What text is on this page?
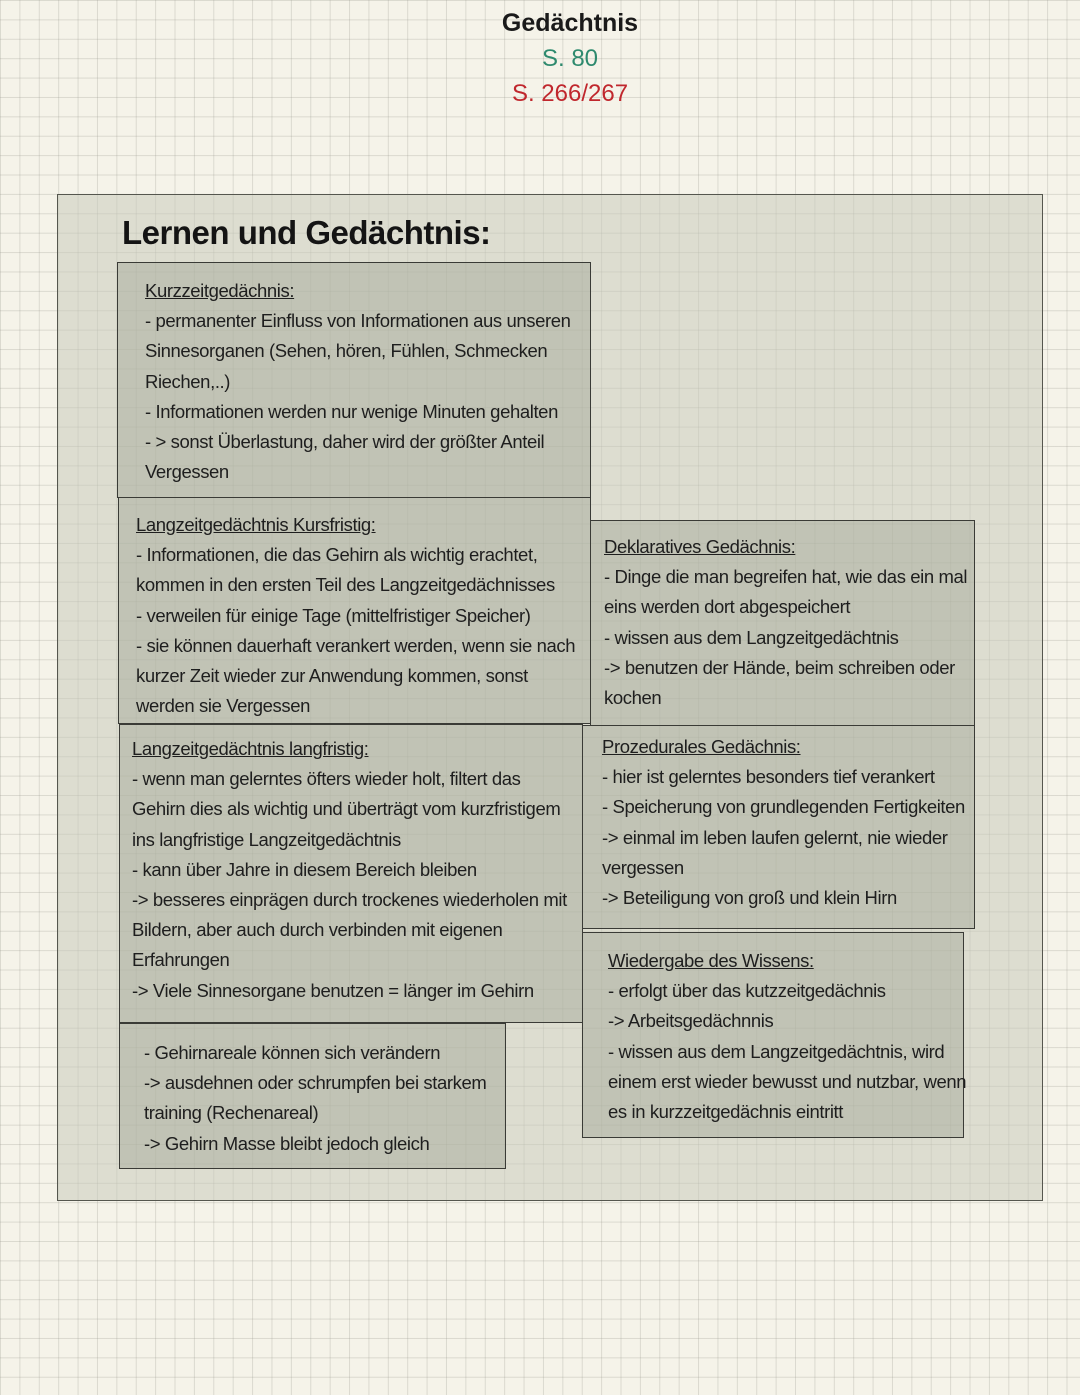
Gedächtnis
S. 80
S. 266/267
Lernen und Gedächtnis:
Kurzzeitgedächnis:
- permanenter Einfluss von Informationen aus unseren
Sinnesorganen (Sehen, hören, Fühlen, Schmecken
Riechen,..)
- Informationen werden nur wenige Minuten gehalten
- > sonst Überlastung, daher wird der größter Anteil
Vergessen
Langzeitgedächtnis Kursfristig:
- Informationen, die das Gehirn als wichtig erachtet,
kommen in den ersten Teil des Langzeitgedächnisses
- verweilen für einige Tage (mittelfristiger Speicher)
- sie können dauerhaft verankert werden, wenn sie nach
kurzer Zeit wieder zur Anwendung kommen, sonst
werden sie Vergessen
Langzeitgedächtnis langfristig:
- wenn man gelerntes öfters wieder holt, filtert das
Gehirn dies als wichtig und überträgt vom kurzfristigem
ins langfristige Langzeitgedächtnis
- kann über Jahre in diesem Bereich bleiben
-> besseres einprägen durch trockenes wiederholen mit
Bildern, aber auch durch verbinden mit eigenen
Erfahrungen
-> Viele Sinnesorgane benutzen = länger im Gehirn
- Gehirnareale können sich verändern
-> ausdehnen oder schrumpfen bei starkem
training (Rechenareal)
-> Gehirn Masse bleibt jedoch gleich
Deklaratives Gedächnis:
- Dinge die man begreifen hat, wie das ein mal
eins werden dort abgespeichert
- wissen aus dem Langzeitgedächtnis
-> benutzen der Hände, beim schreiben oder
kochen
Prozedurales Gedächnis:
- hier ist gelerntes besonders tief verankert
- Speicherung von grundlegenden Fertigkeiten
-> einmal im leben laufen gelernt, nie wieder
vergessen
-> Beteiligung von groß und klein Hirn
Wiedergabe des Wissens:
- erfolgt über das kutzzeitgedächnis
-> Arbeitsgedächnnis
- wissen aus dem Langzeitgedächtnis, wird
einem erst wieder bewusst und nutzbar, wenn
es in kurzzeitgedächnis eintritt
